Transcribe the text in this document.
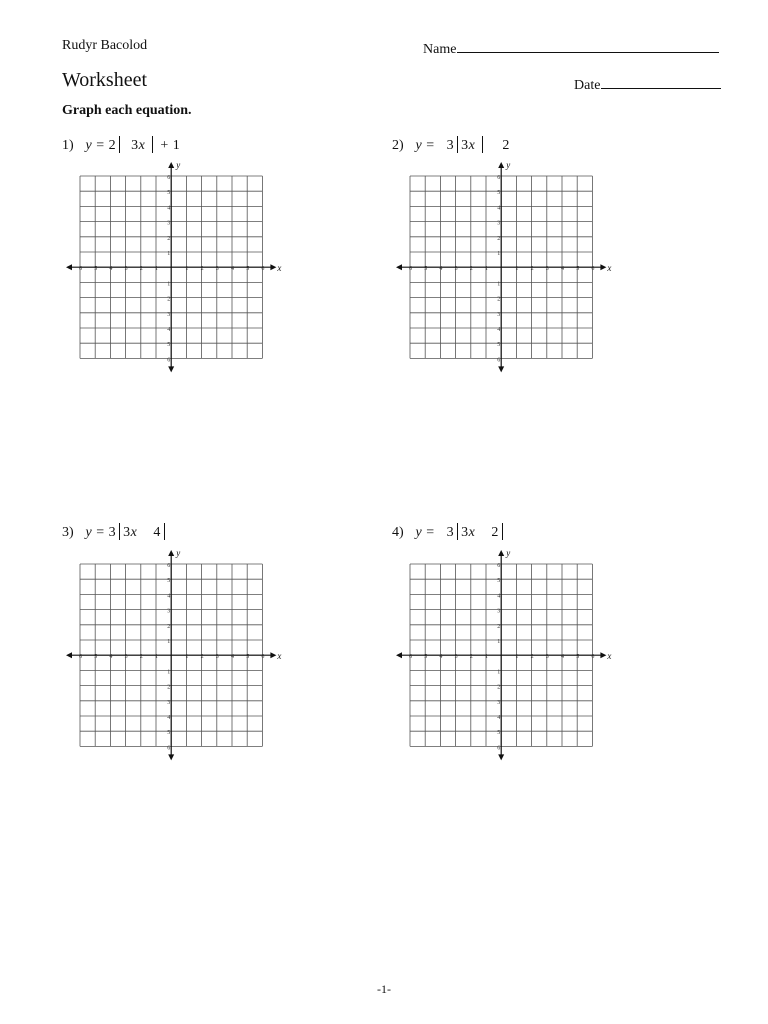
Rudyr Bacolod	Name
Worksheet	Date
Graph each equation.
1) y = 2 3x + 1	2) y = 3 3x 2
3) y = 3 3x 4	4) y = 3 3x 2
x
y
6 5 4 3 2 1	1 2 3 4 5 6
6
5
4
3
2
1
1
2
3
4
5
6
x
y
6 5 4 3 2 1	1 2 3 4 5 6
6
5
4
3
2
1
1
2
3
4
5
6
x
y
6 5 4 3 2 1	1 2 3 4 5 6
6
5
4
3
2
1
1
2
3
4
5
6
x
y
6 5 4 3 2 1	1 2 3 4 5 6
6
5
4
3
2
1
1
2
3
4
5
6
-1-
